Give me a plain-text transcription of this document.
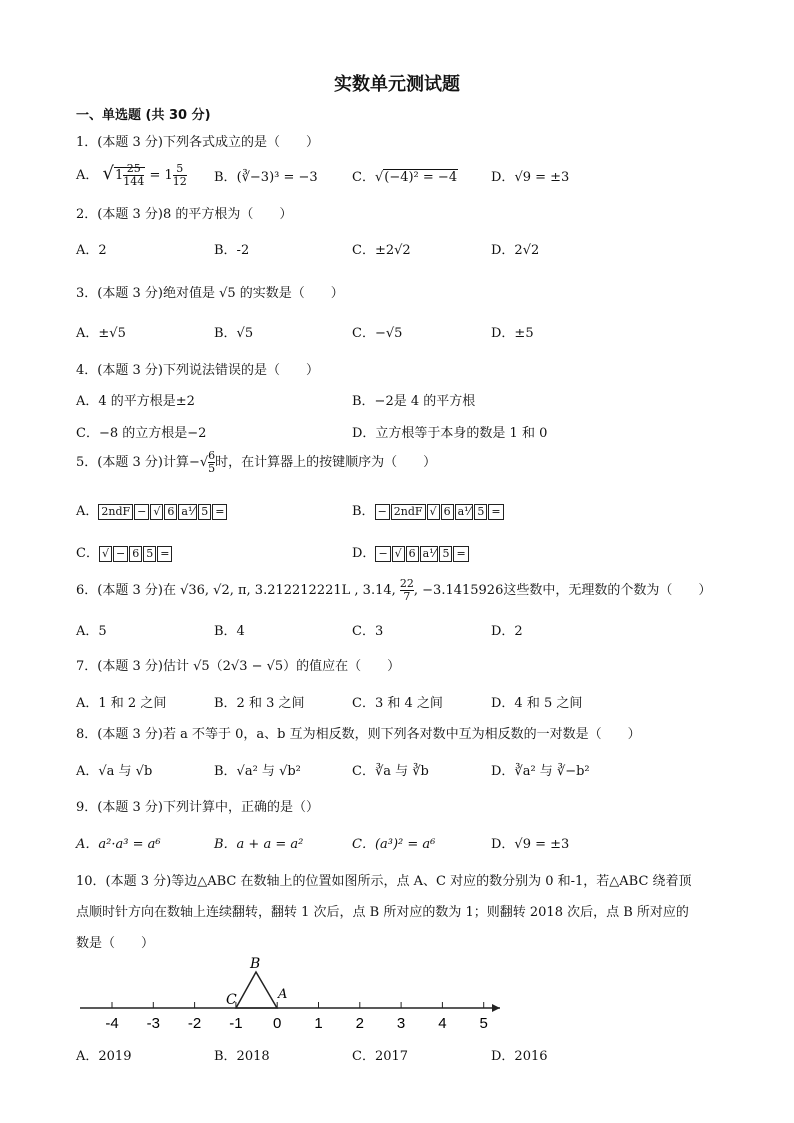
实数单元测试题
一、单选题 (共 30 分)
1．(本题 3 分)下列各式成立的是（　　）
A． $√1 \frac{25}{144} = 1 \frac{5}{12}$ B．(∛−3)³ = −3	C．√(−4)² = −4	D．√9 = ±3
2．(本题 3 分)8 的平方根为（　　）
A．2	B．-2	C．±2√2	D．2√2
3．(本题 3 分)绝对值是 √5 的实数是（　　）
A．±√5	B．√5	C．−√5	D．±5
4．(本题 3 分)下列说法错误的是（　　）
A．4 的平方根是±2	B．−2是 4 的平方根
C．−8 的立方根是−2	D．立方根等于本身的数是 1 和 0
5．(本题 3 分)计算−√ $\frac{6}{5}$ 时，在计算器上的按键顺序为（　　）
A． 2ndF − √ 6 a⅟ 5 =	B． − 2ndF √ 6 a⅟ 5 =
C． √ − 6 5 =	D． − √ 6 a⅟ 5 =
6．(本题 3 分)在 √36, √2, π, 3.212212221L , 3.14, $\frac{22}{7}$ , −3.1415926这些数中，无理数的个数为（　　）
A．5	B．4	C．3	D．2
7．(本题 3 分)估计 √5（2√3 − √5）的值应在（　　）
A．1 和 2 之间	B．2 和 3 之间	C．3 和 4 之间	D．4 和 5 之间
8．(本题 3 分)若 a 不等于 0，a、b 互为相反数，则下列各对数中互为相反数的一对数是（　　）
A．√a 与 √b	B．√a² 与 √b²	C．∛a 与 ∛b	D．∛a² 与 ∛−b²
9．(本题 3 分)下列计算中，正确的是（）
A．a²·a³ = a⁶	B．a + a = a²	C．(a³)² = a⁶	D．√9 = ±3
10．(本题 3 分)等边△ABC 在数轴上的位置如图所示，点 A、C 对应的数分别为 0 和-1，若△ABC 绕着顶
点顺时针方向在数轴上连续翻转，翻转 1 次后，点 B 所对应的数为 1；则翻转 2018 次后，点 B 所对应的
数是（　　）
-4 -3 -2 -1 0 1 2 3 4 5
B
C	A
A．2019	B．2018	C．2017	D．2016
